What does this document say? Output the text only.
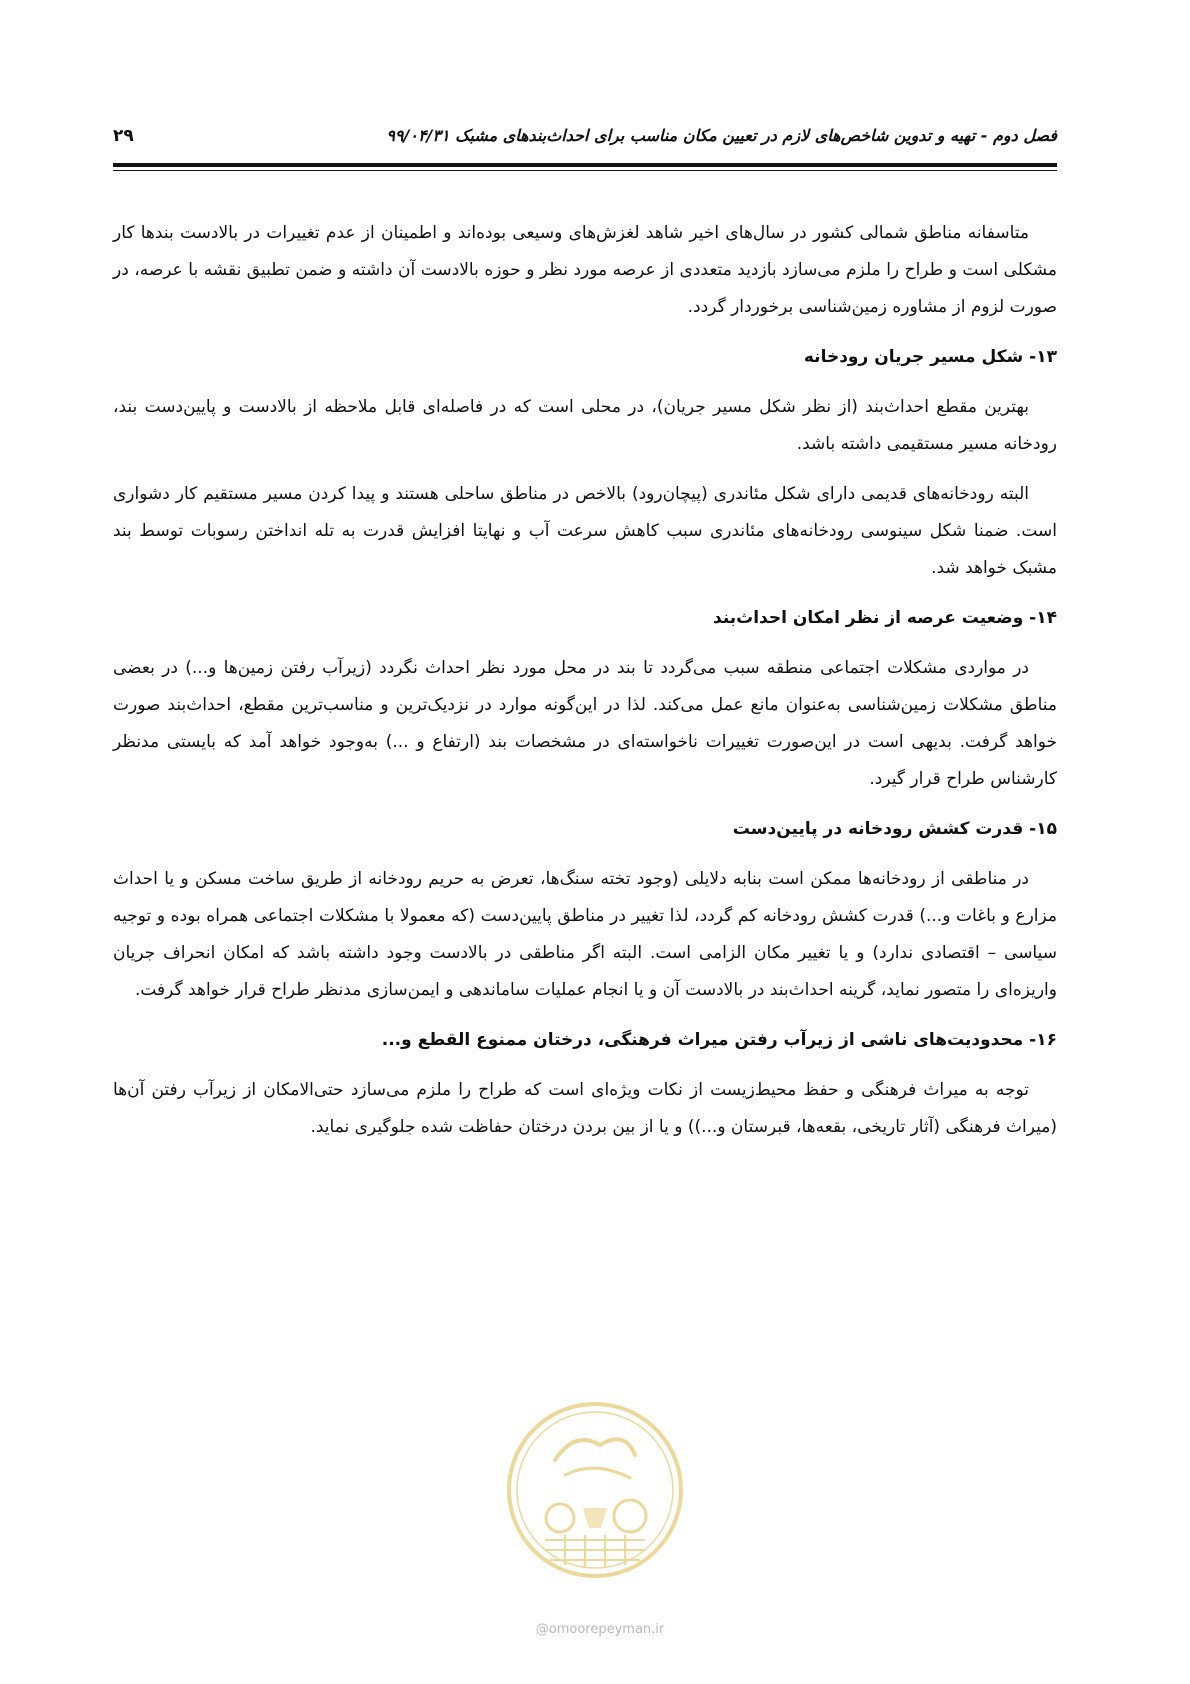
فصل دوم - تهیه و تدوین شاخص‌های لازم در تعیین مکان مناسب برای احداث‌بندهای مشبک ۹۹/۰۴/۳۱
۲۹

متاسفانه مناطق شمالی کشور در سال‌های اخیر شاهد لغزش‌های وسیعی بوده‌اند و اطمینان از عدم تغییرات در بالادست بندها کار مشکلی است و طراح را ملزم می‌سازد بازدید متعددی از عرصه مورد نظر و حوزه بالادست آن داشته و ضمن تطبیق نقشه با عرصه، در صورت لزوم از مشاوره زمین‌شناسی برخوردار گردد.

۱۳- شکل مسیر جریان رودخانه

بهترین مقطع احداث‌بند (از نظر شکل مسیر جریان)، در محلی است که در فاصله‌ای قابل ملاحظه از بالادست و پایین‌دست بند، رودخانه مسیر مستقیمی داشته باشد.

البته رودخانه‌های قدیمی دارای شکل مئاندری (پیچان‌رود) بالاخص در مناطق ساحلی هستند و پیدا کردن مسیر مستقیم کار دشواری است. ضمنا شکل سینوسی رودخانه‌های مئاندری سبب کاهش سرعت آب و نهایتا افزایش قدرت به تله انداختن رسوبات توسط بند مشبک خواهد شد.

۱۴- وضعیت عرصه از نظر امکان احداث‌بند

در مواردی مشکلات اجتماعی منطقه سبب می‌گردد تا بند در محل مورد نظر احداث نگردد (زیرآب رفتن زمین‌ها و...) در بعضی مناطق مشکلات زمین‌شناسی به‌عنوان مانع عمل می‌کند. لذا در این‌گونه موارد در نزدیک‌ترین و مناسب‌ترین مقطع، احداث‌بند صورت خواهد گرفت. بدیهی است در این‌صورت تغییرات ناخواسته‌ای در مشخصات بند (ارتفاع و ...) به‌وجود خواهد آمد که بایستی مدنظر کارشناس طراح قرار گیرد.

۱۵- قدرت کشش رودخانه در پایین‌دست

در مناطقی از رودخانه‌ها ممکن است بنابه دلایلی (وجود تخته سنگ‌ها، تعرض به حریم رودخانه از طریق ساخت مسکن و یا احداث مزارع و باغات و...) قدرت کشش رودخانه کم گردد، لذا تغییر در مناطق پایین‌دست (که معمولا با مشکلات اجتماعی همراه بوده و توجیه سیاسی – اقتصادی ندارد) و یا تغییر مکان الزامی است. البته اگر مناطقی در بالادست وجود داشته باشد که امکان انحراف جریان واریزه‌ای را متصور نماید، گرینه احداث‌بند در بالادست آن و یا انجام عملیات ساماندهی و ایمن‌سازی مدنظر طراح قرار خواهد گرفت.

۱۶- محدودیت‌های ناشی از زیرآب رفتن میراث فرهنگی، درختان ممنوع القطع و...

توجه به میراث فرهنگی و حفظ محیط‌زیست از نکات ویژه‌ای است که طراح را ملزم می‌سازد حتی‌الامکان از زیرآب رفتن آن‌ها (میراث فرهنگی (آثار تاریخی، بقعه‌ها، قبرستان و...)) و یا از بین بردن درختان حفاظت شده جلوگیری نماید.

@omoorepeyman.ir
